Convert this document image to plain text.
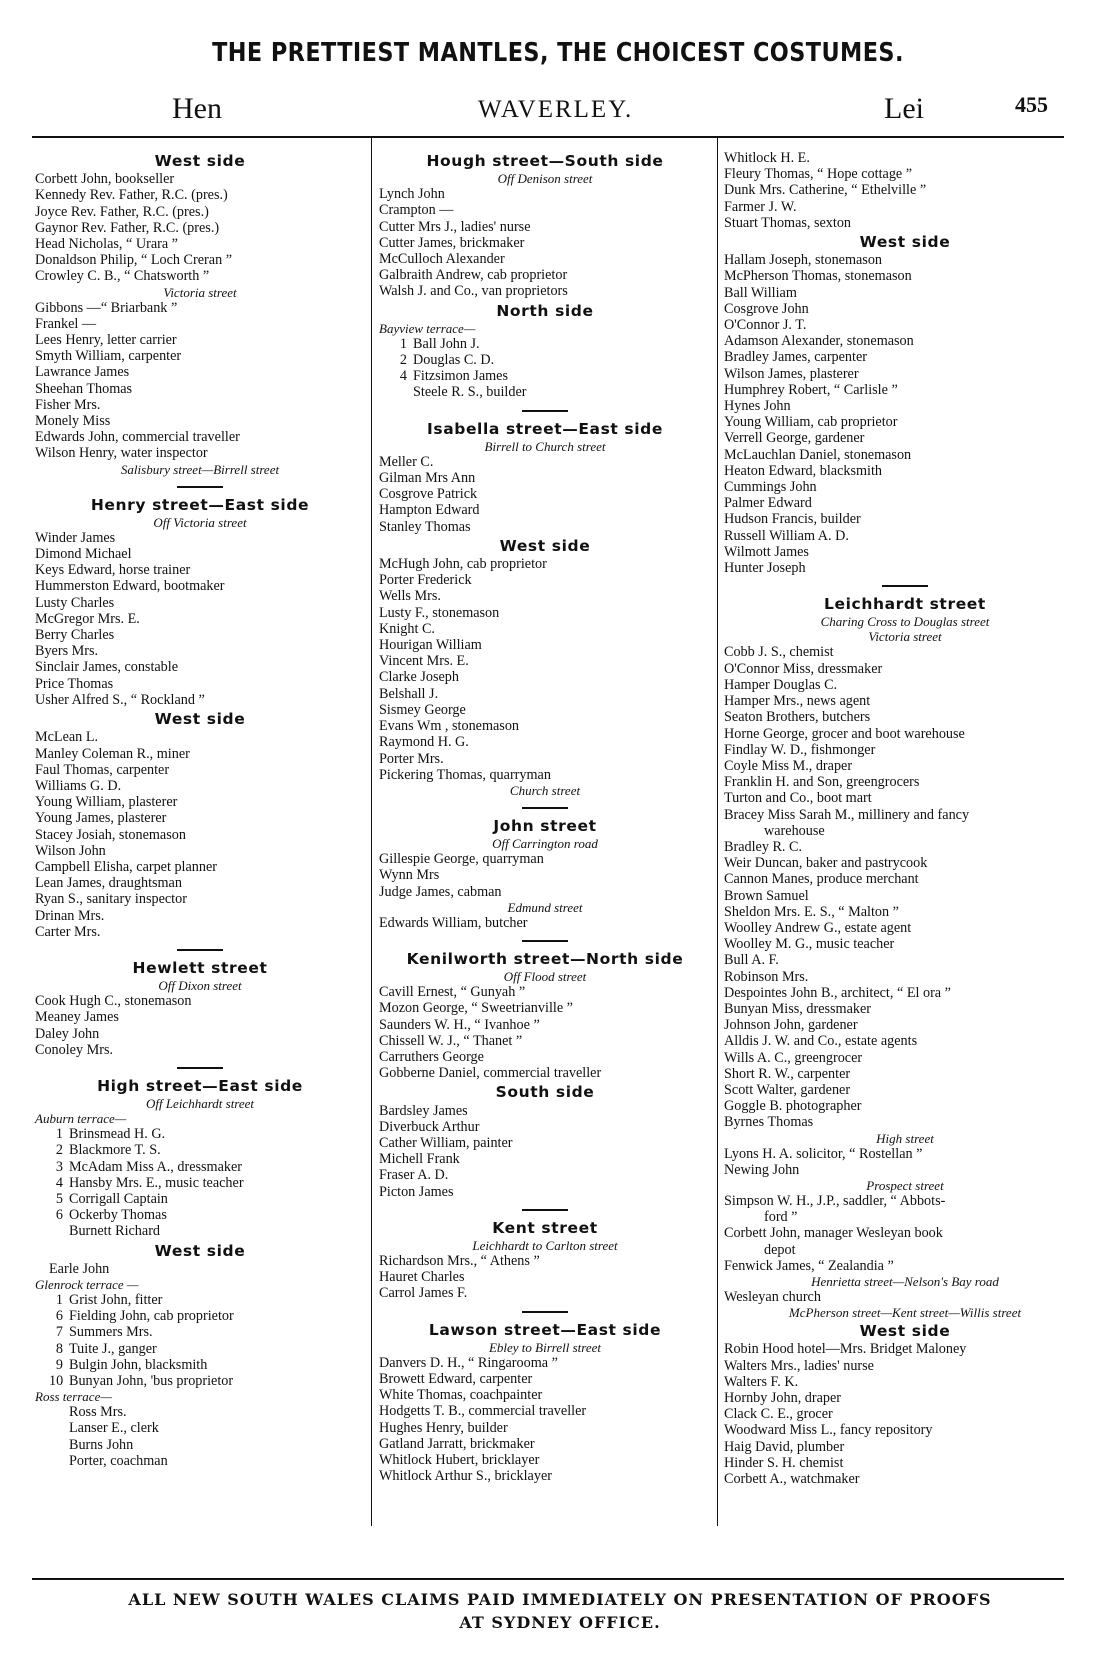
THE PRETTIEST MANTLES, THE CHOICEST COSTUMES.
Hen	WAVERLEY.	Lei	455
West side
Corbett John, bookseller
Kennedy Rev. Father, R.C. (pres.)
Joyce Rev. Father, R.C. (pres.)
Gaynor Rev. Father, R.C. (pres.)
Head Nicholas, “ Urara ”
Donaldson Philip, “ Loch Creran ”
Crowley C. B., “ Chatsworth ”
Victoria street
Gibbons —“ Briarbank ”
Frankel —
Lees Henry, letter carrier
Smyth William, carpenter
Lawrance James
Sheehan Thomas
Fisher Mrs.
Monely Miss
Edwards John, commercial traveller
Wilson Henry, water inspector
Salisbury street—Birrell street
Henry street—East side
Off Victoria street
Winder James
Dimond Michael
Keys Edward, horse trainer
Hummerston Edward, bootmaker
Lusty Charles
McGregor Mrs. E.
Berry Charles
Byers Mrs.
Sinclair James, constable
Price Thomas
Usher Alfred S., “ Rockland ”
West side
McLean L.
Manley Coleman R., miner
Faul Thomas, carpenter
Williams G. D.
Young William, plasterer
Young James, plasterer
Stacey Josiah, stonemason
Wilson John
Campbell Elisha, carpet planner
Lean James, draughtsman
Ryan S., sanitary inspector
Drinan Mrs.
Carter Mrs.
Hewlett street
Off Dixon street
Cook Hugh C., stonemason
Meaney James
Daley John
Conoley Mrs.
High street—East side
Off Leichhardt street
Auburn terrace—
1 Brinsmead H. G.
2 Blackmore T. S.
3 McAdam Miss A., dressmaker
4 Hansby Mrs. E., music teacher
5 Corrigall Captain
6 Ockerby Thomas
Burnett Richard
West side
Earle John
Glenrock terrace —
1 Grist John, fitter
6 Fielding John, cab proprietor
7 Summers Mrs.
8 Tuite J., ganger
9 Bulgin John, blacksmith
10 Bunyan John, 'bus proprietor
Ross terrace—
Ross Mrs.
Lanser E., clerk
Burns John
Porter, coachman
Hough street—South side
Off Denison street
Lynch John
Crampton —
Cutter Mrs J., ladies' nurse
Cutter James, brickmaker
McCulloch Alexander
Galbraith Andrew, cab proprietor
Walsh J. and Co., van proprietors
North side
Bayview terrace—
1 Ball John J.
2 Douglas C. D.
4 Fitzsimon James
Steele R. S., builder
Isabella street—East side
Birrell to Church street
Meller C.
Gilman Mrs Ann
Cosgrove Patrick
Hampton Edward
Stanley Thomas
West side
McHugh John, cab proprietor
Porter Frederick
Wells Mrs.
Lusty F., stonemason
Knight C.
Hourigan William
Vincent Mrs. E.
Clarke Joseph
Belshall J.
Sismey George
Evans Wm , stonemason
Raymond H. G.
Porter Mrs.
Pickering Thomas, quarryman
Church street
John street
Off Carrington road
Gillespie George, quarryman
Wynn Mrs
Judge James, cabman
Edmund street
Edwards William, butcher
Kenilworth street—North side
Off Flood street
Cavill Ernest, “ Gunyah ”
Mozon George, “ Sweetrianville ”
Saunders W. H., “ Ivanhoe ”
Chissell W. J., “ Thanet ”
Carruthers George
Gobberne Daniel, commercial traveller
South side
Bardsley James
Diverbuck Arthur
Cather William, painter
Michell Frank
Fraser A. D.
Picton James
Kent street
Leichhardt to Carlton street
Richardson Mrs., “ Athens ”
Hauret Charles
Carrol James F.
Lawson street—East side
Ebley to Birrell street
Danvers D. H., “ Ringarooma ”
Browett Edward, carpenter
White Thomas, coachpainter
Hodgetts T. B., commercial traveller
Hughes Henry, builder
Gatland Jarratt, brickmaker
Whitlock Hubert, bricklayer
Whitlock Arthur S., bricklayer
Whitlock H. E.
Fleury Thomas, “ Hope cottage ”
Dunk Mrs. Catherine, “ Ethelville ”
Farmer J. W.
Stuart Thomas, sexton
West side
Hallam Joseph, stonemason
McPherson Thomas, stonemason
Ball William
Cosgrove John
O'Connor J. T.
Adamson Alexander, stonemason
Bradley James, carpenter
Wilson James, plasterer
Humphrey Robert, “ Carlisle ”
Hynes John
Young William, cab proprietor
Verrell George, gardener
McLauchlan Daniel, stonemason
Heaton Edward, blacksmith
Cummings John
Palmer Edward
Hudson Francis, builder
Russell William A. D.
Wilmott James
Hunter Joseph
Leichhardt street
Charing Cross to Douglas street
Victoria street
Cobb J. S., chemist
O'Connor Miss, dressmaker
Hamper Douglas C.
Hamper Mrs., news agent
Seaton Brothers, butchers
Horne George, grocer and boot warehouse
Findlay W. D., fishmonger
Coyle Miss M., draper
Franklin H. and Son, greengrocers
Turton and Co., boot mart
Bracey Miss Sarah M., millinery and fancy
warehouse
Bradley R. C.
Weir Duncan, baker and pastrycook
Cannon Manes, produce merchant
Brown Samuel
Sheldon Mrs. E. S., “ Malton ”
Woolley Andrew G., estate agent
Woolley M. G., music teacher
Bull A. F.
Robinson Mrs.
Despointes John B., architect, “ El ora ”
Bunyan Miss, dressmaker
Johnson John, gardener
Alldis J. W. and Co., estate agents
Wills A. C., greengrocer
Short R. W., carpenter
Scott Walter, gardener
Goggle B. photographer
Byrnes Thomas
High street
Lyons H. A. solicitor, “ Rostellan ”
Newing John
Prospect street
Simpson W. H., J.P., saddler, “ Abbots-
ford ”
Corbett John, manager Wesleyan book
depot
Fenwick James, “ Zealandia ”
Henrietta street—Nelson's Bay road
Wesleyan church
McPherson street—Kent street—Willis street
West side
Robin Hood hotel—Mrs. Bridget Maloney
Walters Mrs., ladies' nurse
Walters F. K.
Hornby John, draper
Clack C. E., grocer
Woodward Miss L., fancy repository
Haig David, plumber
Hinder S. H. chemist
Corbett A., watchmaker
ALL NEW SOUTH WALES CLAIMS PAID IMMEDIATELY ON PRESENTATION OF PROOFS
AT SYDNEY OFFICE.
